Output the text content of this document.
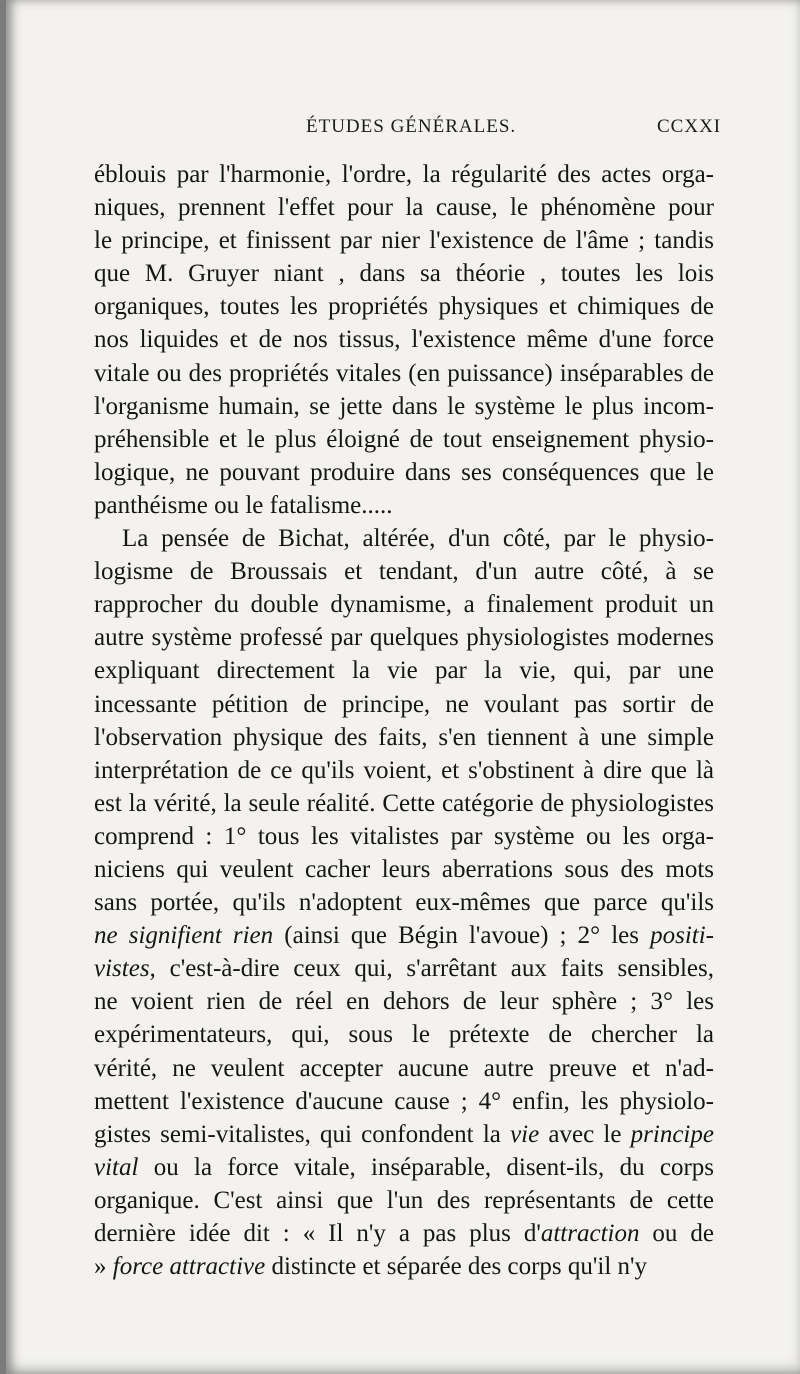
ÉTUDES GÉNÉRALES.	CCXXI
éblouis par l'harmonie, l'ordre, la régularité des actes orga-
niques, prennent l'effet pour la cause, le phénomène pour
le principe, et finissent par nier l'existence de l'âme ; tandis
que M. Gruyer niant , dans sa théorie , toutes les lois
organiques, toutes les propriétés physiques et chimiques de
nos liquides et de nos tissus, l'existence même d'une force
vitale ou des propriétés vitales (en puissance) inséparables de
l'organisme humain, se jette dans le système le plus incom-
préhensible et le plus éloigné de tout enseignement physio-
logique, ne pouvant produire dans ses conséquences que le
panthéisme ou le fatalisme.....
La pensée de Bichat, altérée, d'un côté, par le physio-
logisme de Broussais et tendant, d'un autre côté, à se
rapprocher du double dynamisme, a finalement produit un
autre système professé par quelques physiologistes modernes
expliquant directement la vie par la vie, qui, par une
incessante pétition de principe, ne voulant pas sortir de
l'observation physique des faits, s'en tiennent à une simple
interprétation de ce qu'ils voient, et s'obstinent à dire que là
est la vérité, la seule réalité. Cette catégorie de physiologistes
comprend : 1° tous les vitalistes par système ou les orga-
niciens qui veulent cacher leurs aberrations sous des mots
sans portée, qu'ils n'adoptent eux-mêmes que parce qu'ils
ne signifient rien (ainsi que Bégin l'avoue) ; 2° les positi-
vistes, c'est-à-dire ceux qui, s'arrêtant aux faits sensibles,
ne voient rien de réel en dehors de leur sphère ; 3° les
expérimentateurs, qui, sous le prétexte de chercher la
vérité, ne veulent accepter aucune autre preuve et n'ad-
mettent l'existence d'aucune cause ; 4° enfin, les physiolo-
gistes semi-vitalistes, qui confondent la vie avec le principe
vital ou la force vitale, inséparable, disent-ils, du corps
organique. C'est ainsi que l'un des représentants de cette
dernière idée dit : « Il n'y a pas plus d'attraction ou de
» force attractive distincte et séparée des corps qu'il n'y
